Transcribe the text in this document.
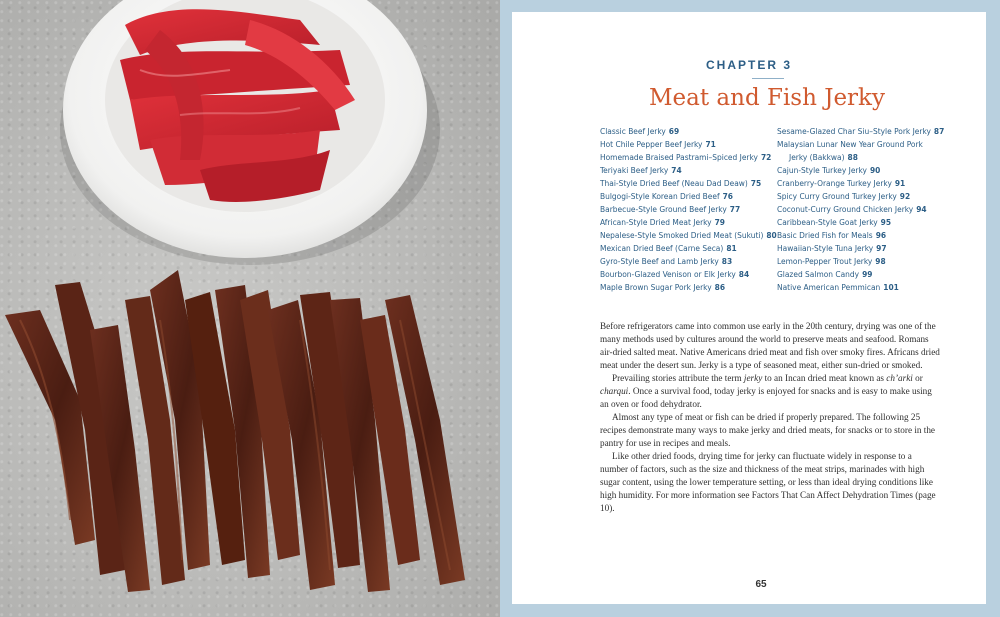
CHAPTER 3
Meat and Fish Jerky
Classic Beef Jerky 69
Hot Chile Pepper Beef Jerky 71
Homemade Braised Pastrami–Spiced Jerky 72
Teriyaki Beef Jerky 74
Thai-Style Dried Beef (Neau Dad Deaw) 75
Bulgogi-Style Korean Dried Beef 76
Barbecue-Style Ground Beef Jerky 77
African-Style Dried Meat Jerky 79
Nepalese-Style Smoked Dried Meat (Sukuti) 80
Mexican Dried Beef (Carne Seca) 81
Gyro-Style Beef and Lamb Jerky 83
Bourbon-Glazed Venison or Elk Jerky 84
Maple Brown Sugar Pork Jerky 86
Sesame-Glazed Char Siu–Style Pork Jerky 87
Malaysian Lunar New Year Ground Pork
Jerky (Bakkwa) 88
Cajun-Style Turkey Jerky 90
Cranberry-Orange Turkey Jerky 91
Spicy Curry Ground Turkey Jerky 92
Coconut-Curry Ground Chicken Jerky 94
Caribbean-Style Goat Jerky 95
Basic Dried Fish for Meals 96
Hawaiian-Style Tuna Jerky 97
Lemon-Pepper Trout Jerky 98
Glazed Salmon Candy 99
Native American Pemmican 101

Before refrigerators came into common use early in the 20th century, drying was one of the many methods used by cultures around the world to preserve meats and seafood. Romans air-dried salted meat. Native Americans dried meat and fish over smoky fires. Africans dried meat under the desert sun. Jerky is a type of seasoned meat, either sun-dried or smoked.

Prevailing stories attribute the term jerky to an Incan dried meat known as ch’arki or charqui. Once a survival food, today jerky is enjoyed for snacks and is easy to make using an oven or food dehydrator.

Almost any type of meat or fish can be dried if properly prepared. The following 25 recipes demonstrate many ways to make jerky and dried meats, for snacks or to store in the pantry for use in recipes and meals.

Like other dried foods, drying time for jerky can fluctuate widely in response to a number of factors, such as the size and thickness of the meat strips, marinades with high sugar content, using the lower temperature setting, or less than ideal drying conditions like high humidity. For more information see Factors That Can Affect Dehydration Times (page 10).

65
